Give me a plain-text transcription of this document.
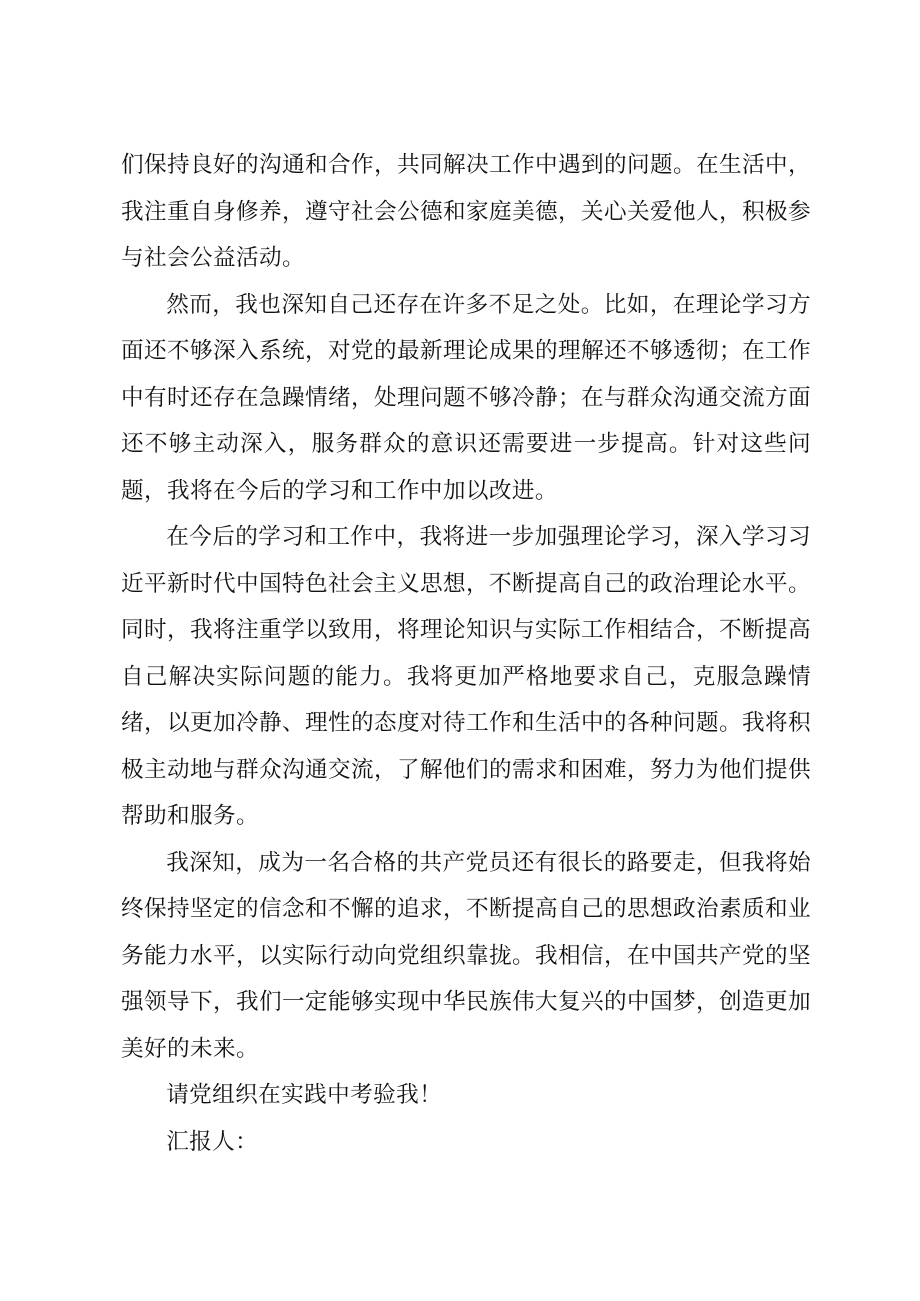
们保持良好的沟通和合作，共同解决工作中遇到的问题。在生活中，我注重自身修养，遵守社会公德和家庭美德，关心关爱他人，积极参与社会公益活动。

然而，我也深知自己还存在许多不足之处。比如，在理论学习方面还不够深入系统，对党的最新理论成果的理解还不够透彻；在工作中有时还存在急躁情绪，处理问题不够冷静；在与群众沟通交流方面还不够主动深入，服务群众的意识还需要进一步提高。针对这些问题，我将在今后的学习和工作中加以改进。

在今后的学习和工作中，我将进一步加强理论学习，深入学习习近平新时代中国特色社会主义思想，不断提高自己的政治理论水平。同时，我将注重学以致用，将理论知识与实际工作相结合，不断提高自己解决实际问题的能力。我将更加严格地要求自己，克服急躁情绪，以更加冷静、理性的态度对待工作和生活中的各种问题。我将积极主动地与群众沟通交流，了解他们的需求和困难，努力为他们提供帮助和服务。

我深知，成为一名合格的共产党员还有很长的路要走，但我将始终保持坚定的信念和不懈的追求，不断提高自己的思想政治素质和业务能力水平，以实际行动向党组织靠拢。我相信，在中国共产党的坚强领导下，我们一定能够实现中华民族伟大复兴的中国梦，创造更加美好的未来。

请党组织在实践中考验我！

汇报人：
